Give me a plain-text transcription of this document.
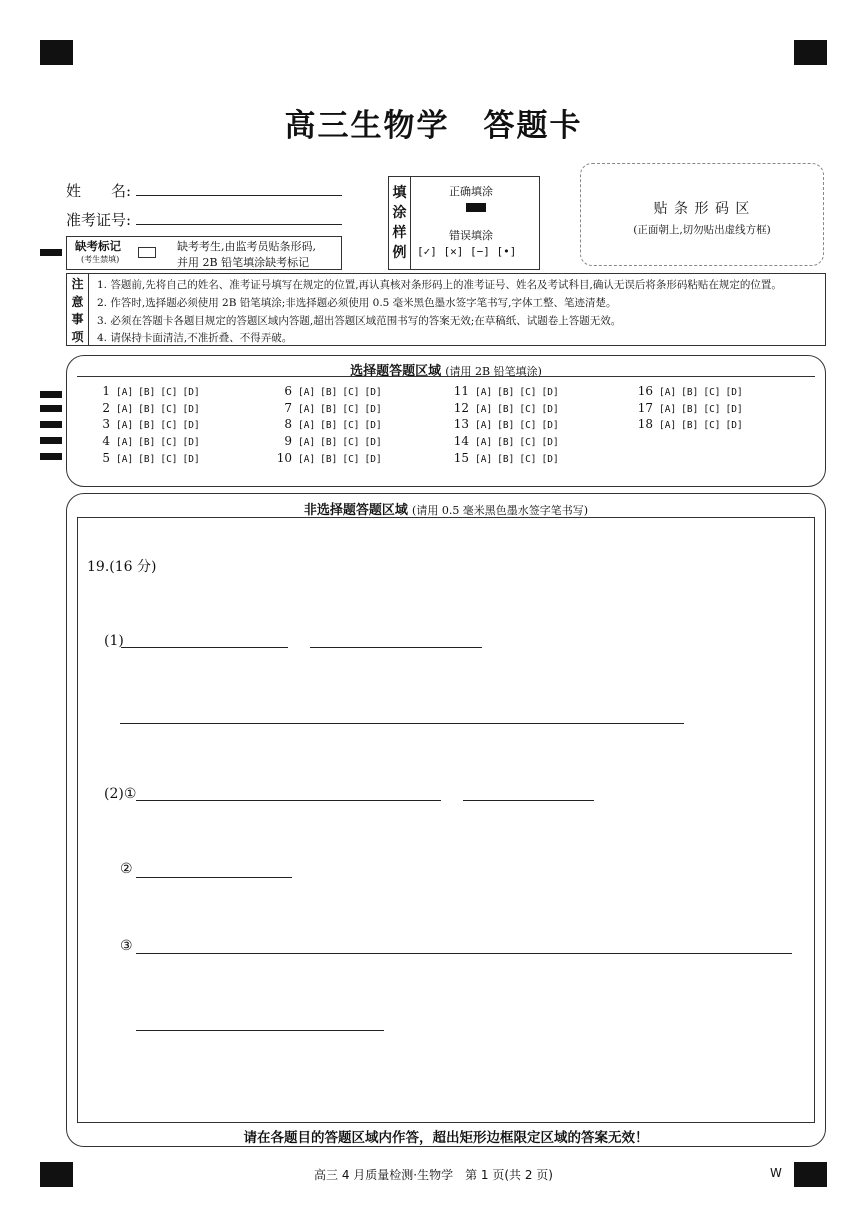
高三生物学 答题卡
姓　　名:
准考证号:
填
涂
样
例
正确填涂
错误填涂
[✓] [✕] [−] [•]
贴 条 形 码 区
(正面朝上,切勿贴出虚线方框)
缺考标记
(考生禁填)
缺考考生,由监考员贴条形码,
并用 2B 铅笔填涂缺考标记
注
意
事
项
1. 答题前,先将自己的姓名、准考证号填写在规定的位置,再认真核对条形码上的准考证号、姓名及考试科目,确认无误后将条形码粘贴在规定的位置。
2. 作答时,选择题必须使用 2B 铅笔填涂;非选择题必须使用 0.5 毫米黑色墨水签字笔书写,字体工整、笔迹清楚。
3. 必须在答题卡各题目规定的答题区域内答题,超出答题区域范围书写的答案无效;在草稿纸、试题卷上答题无效。
4. 请保持卡面清洁,不准折叠、不得弄破。
选择题答题区域 (请用 2B 铅笔填涂)
1 [A] [B] [C] [D]
2 [A] [B] [C] [D]
3 [A] [B] [C] [D]
4 [A] [B] [C] [D]
5 [A] [B] [C] [D]
6 [A] [B] [C] [D]
7 [A] [B] [C] [D]
8 [A] [B] [C] [D]
9 [A] [B] [C] [D]
10 [A] [B] [C] [D]
11 [A] [B] [C] [D]
12 [A] [B] [C] [D]
13 [A] [B] [C] [D]
14 [A] [B] [C] [D]
15 [A] [B] [C] [D]
16 [A] [B] [C] [D]
17 [A] [B] [C] [D]
18 [A] [B] [C] [D]
非选择题答题区域 (请用 0.5 毫米黑色墨水签字笔书写)
19.(16 分)
(1)
(2)①
②
③
请在各题目的答题区域内作答，超出矩形边框限定区域的答案无效！
高三 4 月质量检测·生物学　第 1 页(共 2 页)	W
